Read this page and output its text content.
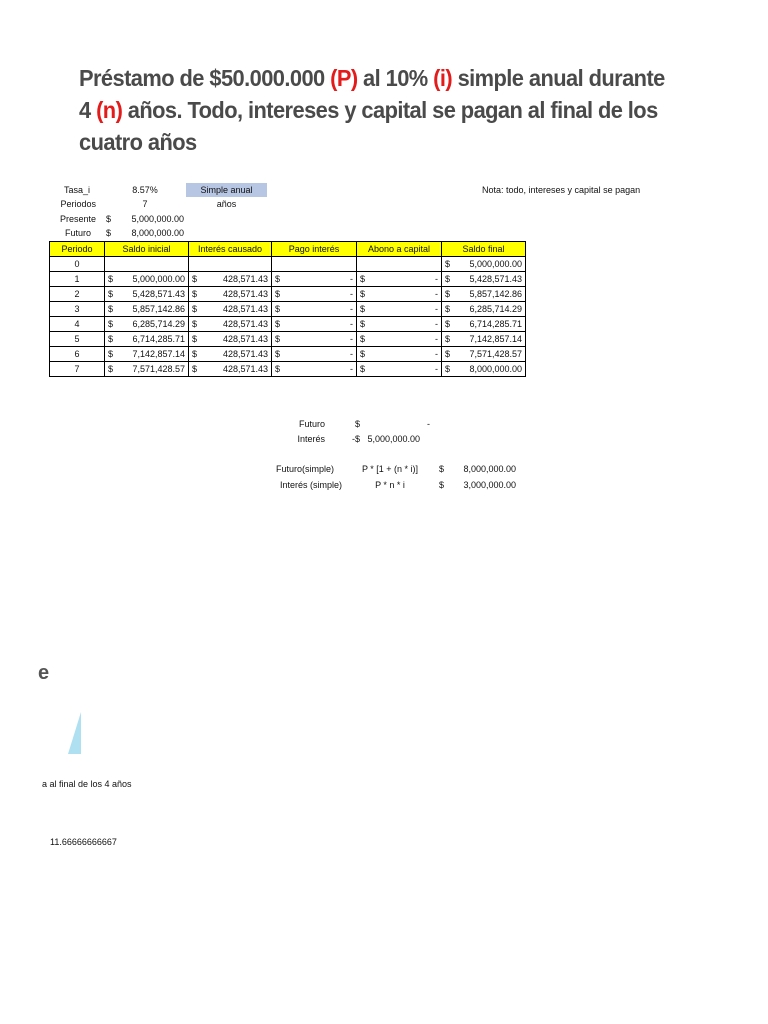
Préstamo de $50.000.000 (P) al 10% (i) simple anual durante
4 (n) años. Todo, intereses y capital se pagan al final de los
cuatro años
Tasa_i	8.57%	Simple anual	Nota: todo, intereses y capital se pagan
Periodos	7	años
Presente $	5,000,000.00
Futuro $	8,000,000.00
Periodo	Saldo inicial	Interés causado	Pago interés	Abono a capital	Saldo final
0					$ 5,000,000.00

1	$ 5,000,000.00	$ 428,571.43	$ -	$ -	$ 5,428,571.43

2	$ 5,428,571.43	$ 428,571.43	$ -	$ -	$ 5,857,142.86

3	$ 5,857,142.86	$ 428,571.43	$ -	$ -	$ 6,285,714.29

4	$ 6,285,714.29	$ 428,571.43	$ -	$ -	$ 6,714,285.71

5	$ 6,714,285.71	$ 428,571.43	$ -	$ -	$ 7,142,857.14

6	$ 7,142,857.14	$ 428,571.43	$ -	$ -	$ 7,571,428.57

7	$ 7,571,428.57	$ 428,571.43	$ -	$ -	$ 8,000,000.00
Futuro	$	-
Interés	-$   5,000,000.00
Futuro(simple)	P * [1 + (n * i)]	$	8,000,000.00
Interés (simple)	P * n * i	$	3,000,000.00
e
a al final de los 4 años
11.66666666667
